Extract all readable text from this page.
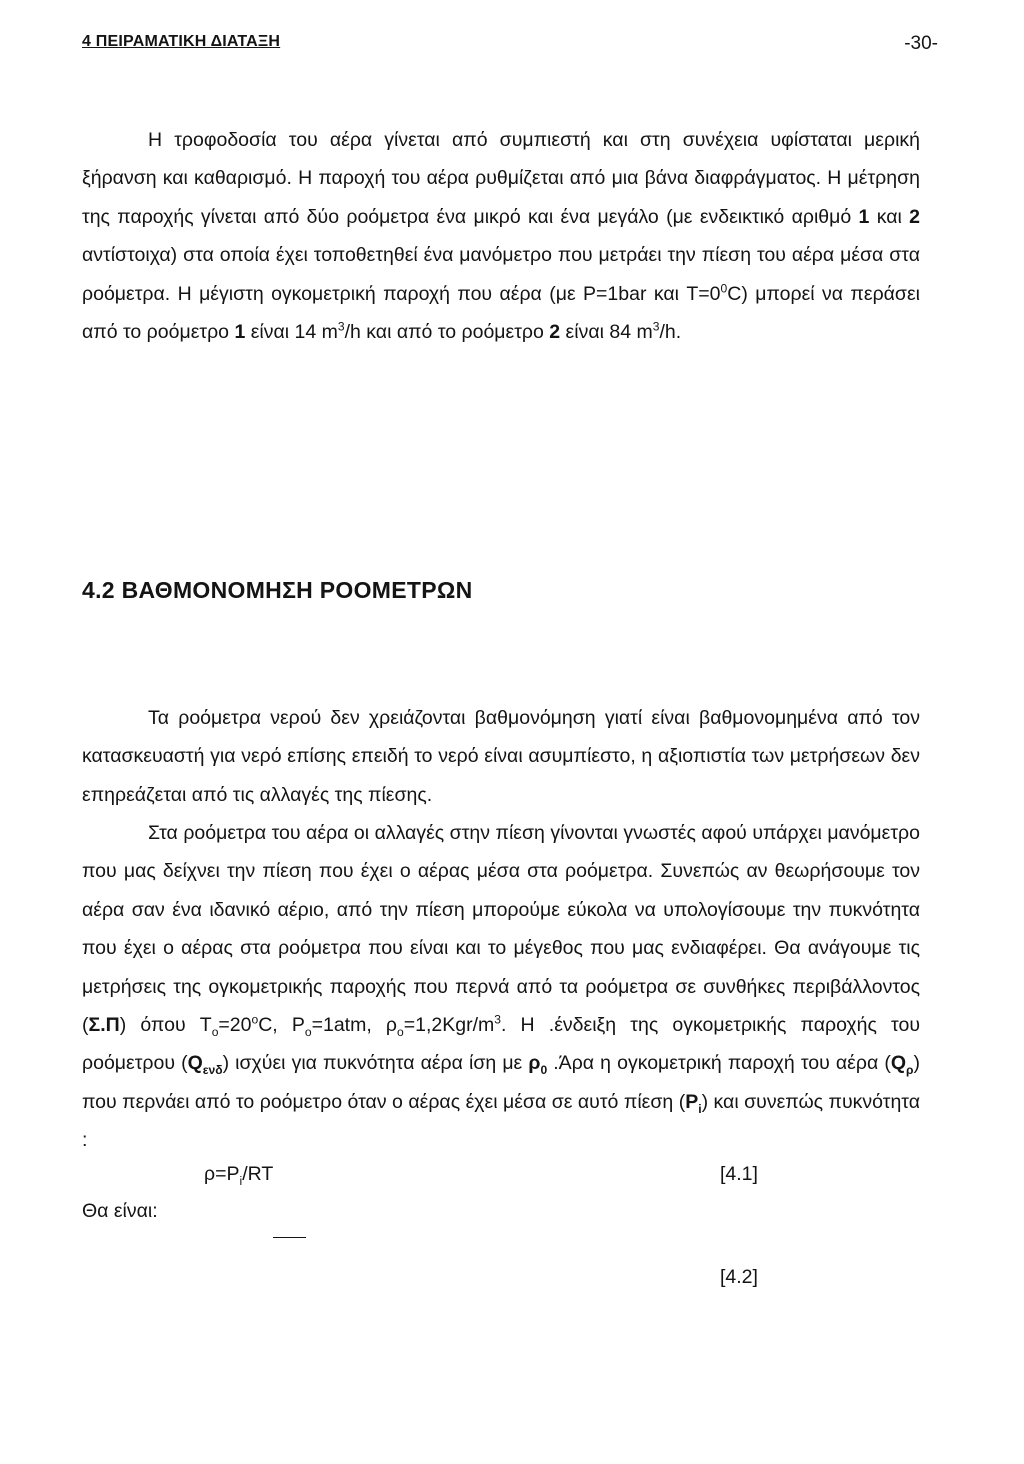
4 ΠΕΙΡΑΜΑΤΙΚΗ ΔΙΑΤΑΞΗ	-30-

Η τροφοδοσία του αέρα γίνεται από συμπιεστή και στη συνέχεια υφίσταται μερική ξήρανση και καθαρισμό. Η παροχή του αέρα ρυθμίζεται από μια βάνα διαφράγματος. Η μέτρηση της παροχής γίνεται από δύο ροόμετρα ένα μικρό και ένα μεγάλο (με ενδεικτικό αριθμό 1 και 2 αντίστοιχα) στα οποία έχει τοποθετηθεί ένα μανόμετρο που μετράει την πίεση του αέρα μέσα στα ροόμετρα. Η μέγιστη ογκομετρική παροχή που αέρα (με P=1bar και $T=0^0C$) μπορεί να περάσει από το ροόμετρο 1 είναι 14 $m^3/h$ και από το ροόμετρο 2 είναι 84 $m^3/h$.

4.2 ΒΑΘΜΟΝΟΜΗΣΗ ΡΟΟΜΕΤΡΩΝ

Τα ροόμετρα νερού δεν χρειάζονται βαθμονόμηση γιατί είναι βαθμονομημένα από τον κατασκευαστή για νερό επίσης επειδή το νερό είναι ασυμπίεστο, η αξιοπιστία των μετρήσεων δεν επηρεάζεται από τις αλλαγές της πίεσης.

Στα ροόμετρα του αέρα οι αλλαγές στην πίεση γίνονται γνωστές αφού υπάρχει μανόμετρο που μας δείχνει την πίεση που έχει ο αέρας μέσα στα ροόμετρα. Συνεπώς αν θεωρήσουμε τον αέρα σαν ένα ιδανικό αέριο, από την πίεση μπορούμε εύκολα να υπολογίσουμε την πυκνότητα που έχει ο αέρας στα ροόμετρα που είναι και το μέγεθος που μας ενδιαφέρει. Θα ανάγουμε τις μετρήσεις της ογκομετρικής παροχής που περνά από τα ροόμετρα σε συνθήκες περιβάλλοντος (Σ.Π) όπου $T_o=20^oC$, $P_o=1atm$, $\rho_o=1,2Kgr/m^3$. Η .ένδειξη της ογκομετρικής παροχής του ροόμετρου $(Q_{\varepsilon\nu\delta})$ ισχύει για πυκνότητα αέρα ίση με $\rho_0$ .Άρα η ογκομετρική παροχή του αέρα $(Q_\rho)$ που περνάει από το ροόμετρο όταν ο αέρας έχει μέσα σε αυτό πίεση $(P_i)$ και συνεπώς πυκνότητα :

$\rho=P_i/RT$	[4.1]
Θα είναι:
[4.2]
